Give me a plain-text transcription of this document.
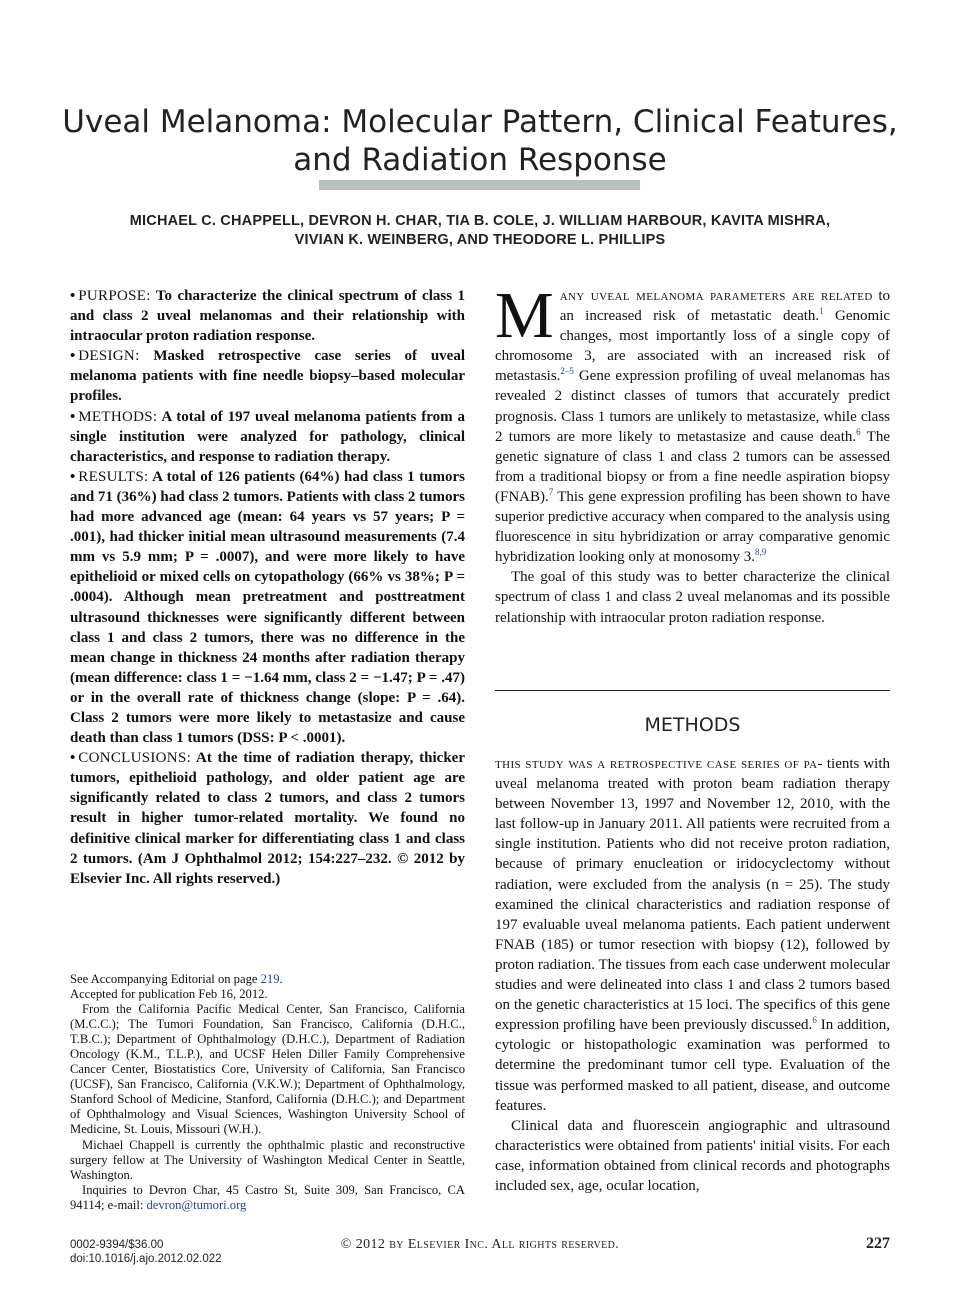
Uveal Melanoma: Molecular Pattern, Clinical Features,
and Radiation Response
MICHAEL C. CHAPPELL, DEVRON H. CHAR, TIA B. COLE, J. WILLIAM HARBOUR, KAVITA MISHRA,
VIVIAN K. WEINBERG, AND THEODORE L. PHILLIPS

• PURPOSE: To characterize the clinical spectrum of class 1 and class 2 uveal melanomas and their relationship with intraocular proton radiation response.

• DESIGN: Masked retrospective case series of uveal melanoma patients with fine needle biopsy–based molecular profiles.

• METHODS: A total of 197 uveal melanoma patients from a single institution were analyzed for pathology, clinical characteristics, and response to radiation therapy.

• RESULTS: A total of 126 patients (64%) had class 1 tumors and 71 (36%) had class 2 tumors. Patients with class 2 tumors had more advanced age (mean: 64 years vs 57 years; P = .001), had thicker initial mean ultrasound measurements (7.4 mm vs 5.9 mm; P = .0007), and were more likely to have epithelioid or mixed cells on cytopathology (66% vs 38%; P = .0004). Although mean pretreatment and posttreatment ultrasound thicknesses were significantly different between class 1 and class 2 tumors, there was no difference in the mean change in thickness 24 months after radiation therapy (mean difference: class 1 = −1.64 mm, class 2 = −1.47; P = .47) or in the overall rate of thickness change (slope: P = .64). Class 2 tumors were more likely to metastasize and cause death than class 1 tumors (DSS: P < .0001).

• CONCLUSIONS: At the time of radiation therapy, thicker tumors, epithelioid pathology, and older patient age are significantly related to class 2 tumors, and class 2 tumors result in higher tumor-related mortality. We found no definitive clinical marker for differentiating class 1 and class 2 tumors. (Am J Ophthalmol 2012; 154:227–232. © 2012 by Elsevier Inc. All rights reserved.)

See Accompanying Editorial on page 219.

Accepted for publication Feb 16, 2012.

From the California Pacific Medical Center, San Francisco, California (M.C.C.); The Tumori Foundation, San Francisco, California (D.H.C., T.B.C.); Department of Ophthalmology (D.H.C.), Department of Radiation Oncology (K.M., T.L.P.), and UCSF Helen Diller Family Comprehensive Cancer Center, Biostatistics Core, University of California, San Francisco (UCSF), San Francisco, California (V.K.W.); Department of Ophthalmology, Stanford School of Medicine, Stanford, California (D.H.C.); and Department of Ophthalmology and Visual Sciences, Washington University School of Medicine, St. Louis, Missouri (W.H.).

Michael Chappell is currently the ophthalmic plastic and reconstructive surgery fellow at The University of Washington Medical Center in Seattle, Washington.

Inquiries to Devron Char, 45 Castro St, Suite 309, San Francisco, CA 94114; e-mail: devron@tumori.org

Many uveal melanoma parameters are related to an increased risk of metastatic death.$^1$ Genomic changes, most importantly loss of a single copy of chromosome 3, are associated with an increased risk of metastasis.$^{2-5}$ Gene expression profiling of uveal melanomas has revealed 2 distinct classes of tumors that accurately predict prognosis. Class 1 tumors are unlikely to metastasize, while class 2 tumors are more likely to metastasize and cause death.$^6$ The genetic signature of class 1 and class 2 tumors can be assessed from a traditional biopsy or from a fine needle aspiration biopsy (FNAB).$^7$ This gene expression profiling has been shown to have superior predictive accuracy when compared to the analysis using fluorescence in situ hybridization or array comparative genomic hybridization looking only at monosomy 3.$^{8,9}$

The goal of this study was to better characterize the clinical spectrum of class 1 and class 2 uveal melanomas and its possible relationship with intraocular proton radiation response.

METHODS

this study was a retrospective case series of pa- tients with uveal melanoma treated with proton beam radiation therapy between November 13, 1997 and November 12, 2010, with the last follow-up in January 2011. All patients were recruited from a single institution. Patients who did not receive proton radiation, because of primary enucleation or iridocyclectomy without radiation, were excluded from the analysis (n = 25). The study examined the clinical characteristics and radiation response of 197 evaluable uveal melanoma patients. Each patient underwent FNAB (185) or tumor resection with biopsy (12), followed by proton radiation. The tissues from each case underwent molecular studies and were delineated into class 1 and class 2 tumors based on the genetic characteristics at 15 loci. The specifics of this gene expression profiling have been previously discussed.$^6$ In addition, cytologic or histopathologic examination was performed to determine the predominant tumor cell type. Evaluation of the tissue was performed masked to all patient, disease, and outcome features.

Clinical data and fluorescein angiographic and ultrasound characteristics were obtained from patients' initial visits. For each case, information obtained from clinical records and photographs included sex, age, ocular location,

0002-9394/$36.00
doi:10.1016/j.ajo.2012.02.022
© 2012 by Elsevier Inc. All rights reserved.	227
